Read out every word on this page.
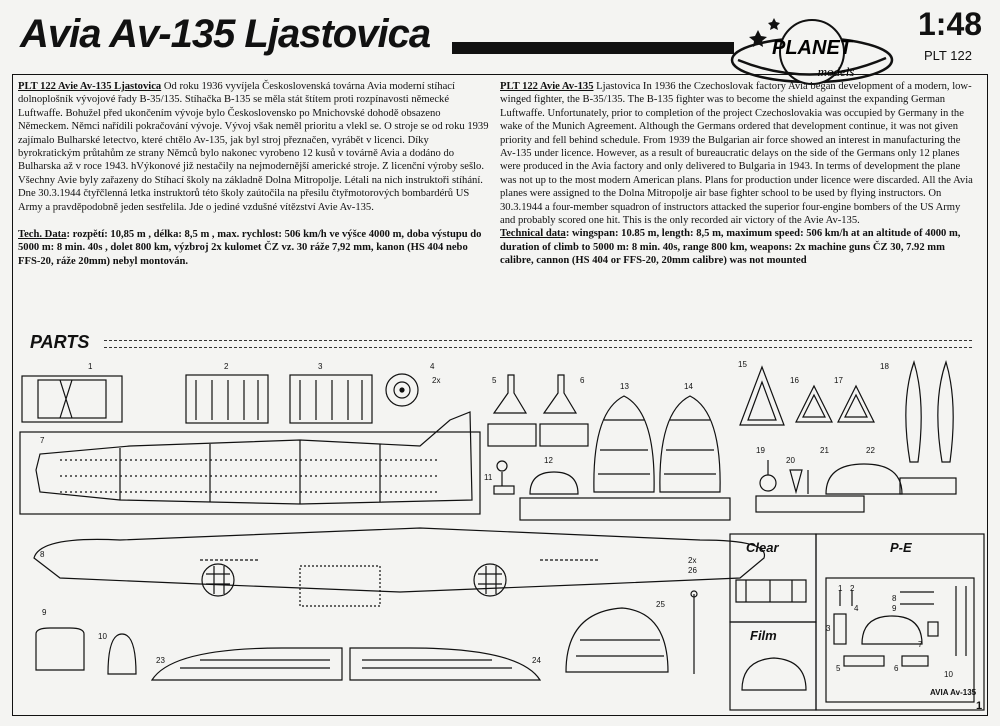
Avia Av-135 Ljastovica	PLANET
models
1:48
PLT 122
PLT 122 Avie Av-135 Ljastovica Od roku 1936 vyvíjela Československá továrna Avia moderní stíhací dolnoplošník vývojové řady B-35/135. Stíhačka B-135 se měla stát štítem proti rozpínavosti německé Luftwaffe. Bohužel před ukončením vývoje bylo Československo po Mnichovské dohodě obsazeno Německem. Němci nařídili pokračování vývoje. Vývoj však neměl prioritu a vlekl se. O stroje se od roku 1939 zajímalo Bulharské letectvo, které chtělo Av-135, jak byl stroj přeznačen, vyrábět v licenci. Díky byrokratickým průtahům ze strany Němců bylo nakonec vyrobeno 12 kusů v továrně Avia a dodáno do Bulharska až v roce 1943. hVýkonové již nestačily na nejmodernější americké stroje. Z licenční výroby sešlo. Všechny Avie byly zařazeny do Stíhací školy na základně Dolna Mitropolje. Létali na nich instruktoři stíhání. Dne 30.3.1944 čtyřčlenná letka instruktorů této školy zaútočila na přesilu čtyřmotorových bombardérů US Army a pravděpodobně jeden sestřelila. Jde o jediné vzdušné vítězství Avie Av-135.
Tech. Data: rozpětí: 10,85 m , délka: 8,5 m , max. rychlost: 506 km/h ve výšce 4000 m, doba výstupu do 5000 m: 8 min. 40s , dolet 800 km, výzbroj 2x kulomet ČZ vz. 30 ráže 7,92 mm, kanon (HS 404 nebo FFS-20, ráže 20mm) nebyl montován.
PLT 122 Avie Av-135 Ljastovica In 1936 the Czechoslovak factory Avia began development of a modern, low-winged fighter, the B-35/135. The B-135 fighter was to become the shield against the expanding German Luftwaffe. Unfortunately, prior to completion of the project Czechoslovakia was occupied by Germany in the wake of the Munich Agreement. Although the Germans ordered that development continue, it was not given priority and fell behind schedule. From 1939 the Bulgarian air force showed an interest in manufacturing the Av-135 under licence. However, as a result of bureaucratic delays on the side of the Germans only 12 planes were produced in the Avia factory and only delivered to Bulgaria in 1943. In terms of development the plane was not up to the most modern American plans. Plans for production under licence were discarded. All the Avia planes were assigned to the Dolna Mitropolje air base fighter school to be used by flying instructors. On 30.3.1944 a four-member squadron of instructors attacked the superior four-engine bombers of the US Army and probably scored one hit. This is the only recorded air victory of the Avie Av-135.
Technical data: wingspan: 10.85 m, length: 8,5 m, maximum speed: 506 km/h at an altitude of 4000 m, duration of climb to 5000 m: 8 min. 40s, range 800 km, weapons: 2x machine guns ČZ 30, 7.92 mm calibre, cannon (HS 404 or FFS-20, 20mm calibre) was not mounted
PARTS
1	2	3	4
5	6
7
8
9
10
11
12
13	14
15
16	17
18
19
20
21	22
23	24
25
26
2x
2x
1 2
3
4
5	6
7
8
9
10
Clear
Film
P-E
AVIA Av-135
1
